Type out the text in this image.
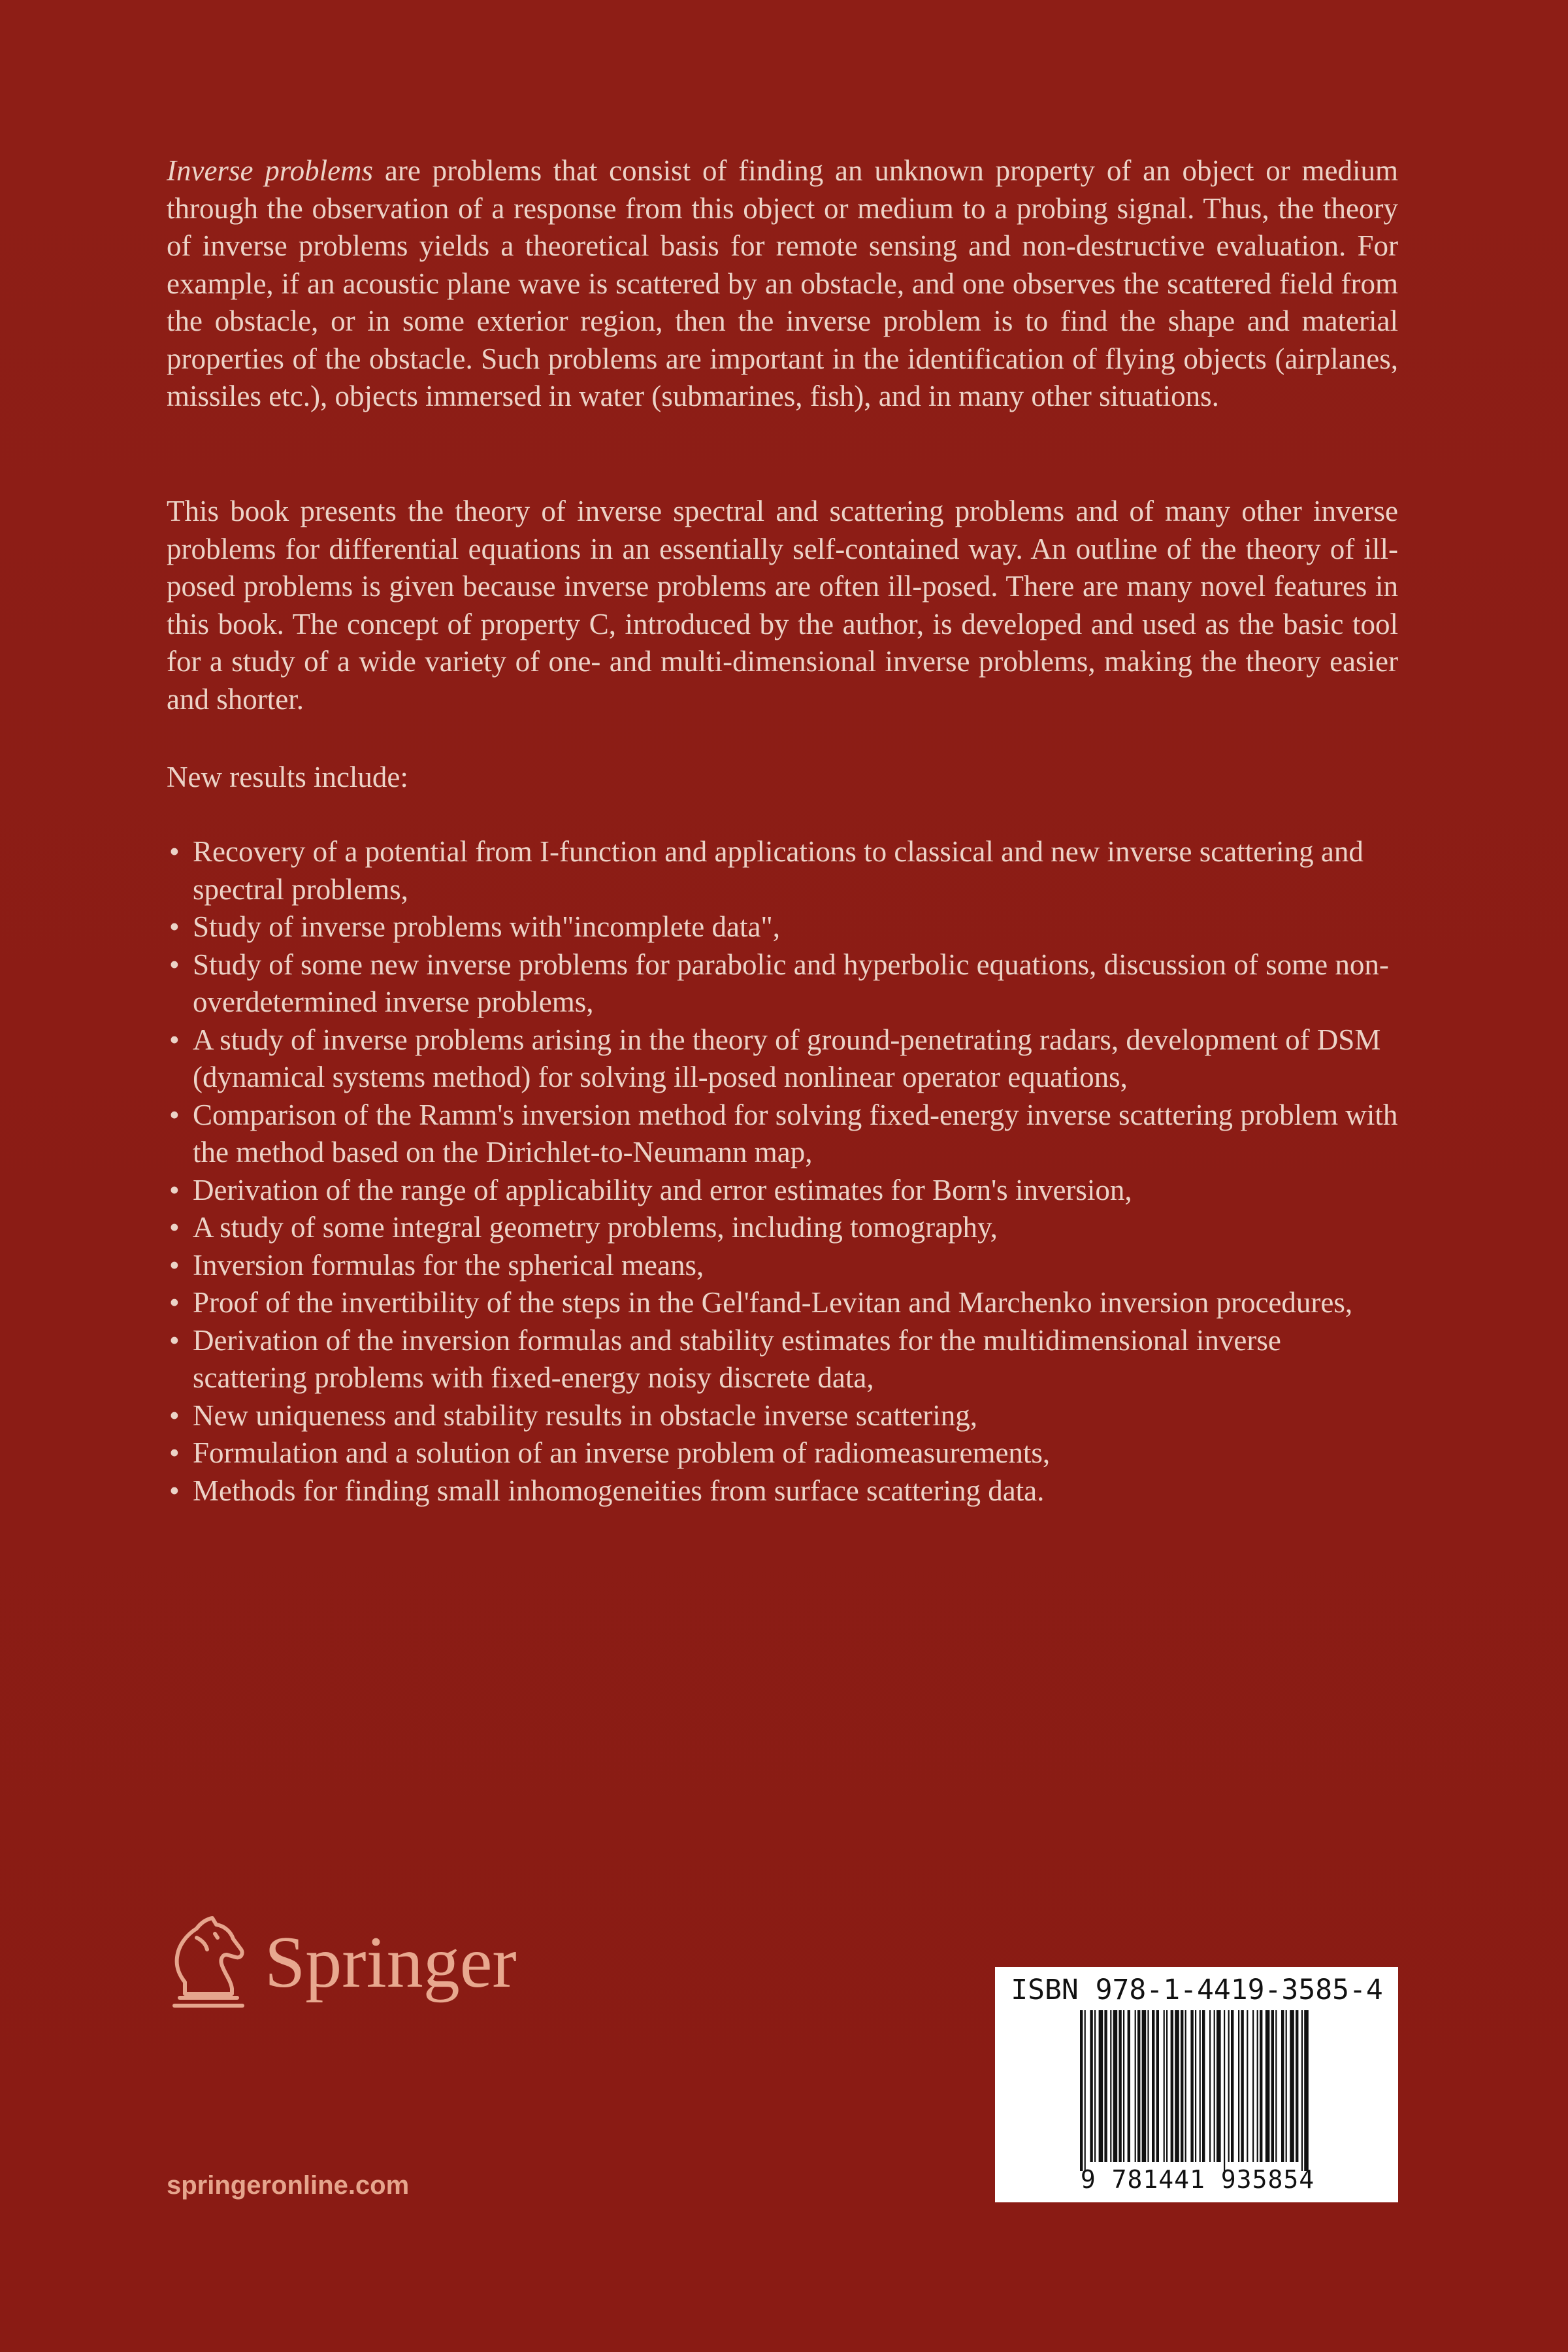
Inverse problems are problems that consist of finding an unknown property of an object or medium through the observation of a response from this object or medium to a probing signal. Thus, the theory of inverse problems yields a theoretical basis for remote sensing and non-destructive evaluation. For example, if an acoustic plane wave is scattered by an obstacle, and one observes the scattered field from the obstacle, or in some exterior region, then the inverse problem is to find the shape and material properties of the obstacle. Such problems are important in the identification of flying objects (airplanes, missiles etc.), objects immersed in water (submarines, fish), and in many other situations.

This book presents the theory of inverse spectral and scattering problems and of many other inverse problems for differential equations in an essentially self-contained way. An outline of the theory of ill-posed problems is given because inverse problems are often ill-posed. There are many novel features in this book. The concept of property C, introduced by the author, is developed and used as the basic tool for a study of a wide variety of one- and multi-dimensional inverse problems, making the theory easier and shorter.

New results include:
• Recovery of a potential from I-function and applications to classical and new inverse scattering and spectral problems,
• Study of inverse problems with"incomplete data",
• Study of some new inverse problems for parabolic and hyperbolic equations, discussion of some non-overdetermined inverse problems,
• A study of inverse problems arising in the theory of ground-penetrating radars, development of DSM (dynamical systems method) for solving ill-posed nonlinear operator equations,
• Comparison of the Ramm's inversion method for solving fixed-energy inverse scattering problem with the method based on the Dirichlet-to-Neumann map,
• Derivation of the range of applicability and error estimates for Born's inversion,
• A study of some integral geometry problems, including tomography,
• Inversion formulas for the spherical means,
• Proof of the invertibility of the steps in the Gel'fand-Levitan and Marchenko inversion procedures,
• Derivation of the inversion formulas and stability estimates for the multidimensional inverse scattering problems with fixed-energy noisy discrete data,
• New uniqueness and stability results in obstacle inverse scattering,
• Formulation and a solution of an inverse problem of radiomeasurements,
• Methods for finding small inhomogeneities from surface scattering data.
Springer
springeronline.com
ISBN 978-1-4419-3585-4
9 781441 935854
